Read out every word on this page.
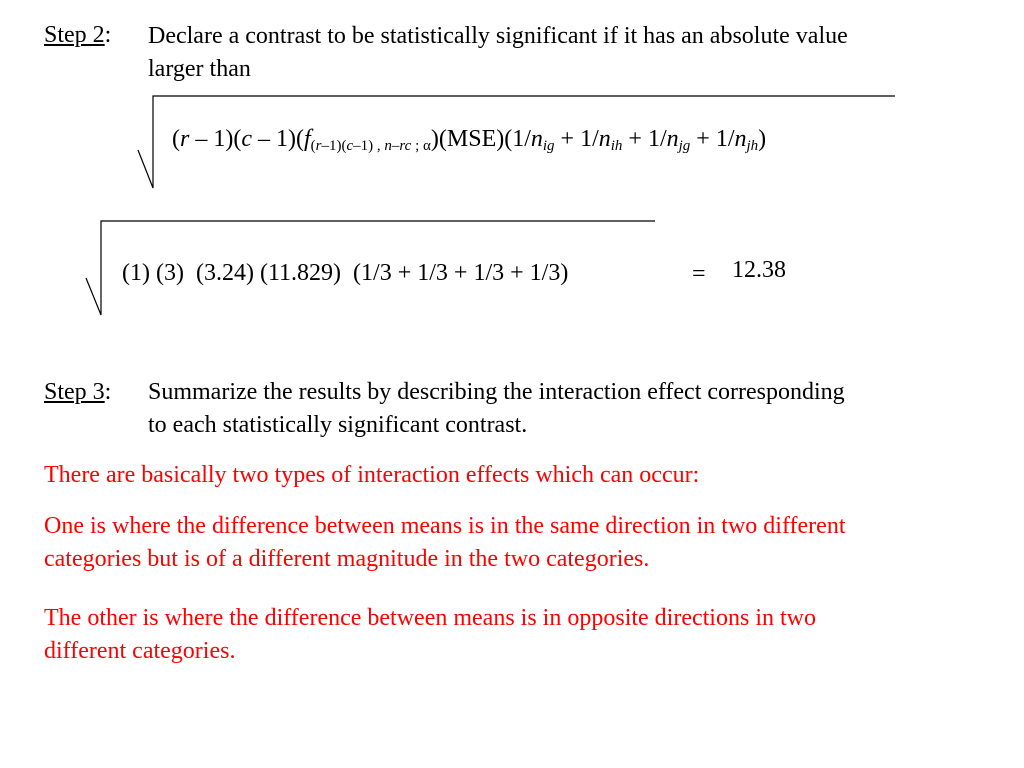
Step 2: Declare a contrast to be statistically significant if it has an absolute value
larger than
$(r - 1)(c - 1)(f_{(r-1)(c-1) , n-rc ; \alpha})(MSE)(1/n_{ig} + 1/n_{ih} + 1/n_{jg} + 1/n_{jh})$
(1) (3)  (3.24) (11.829)  (1/3 + 1/3 + 1/3 + 1/3)	= 12.38
Step 3: Summarize the results by describing the interaction effect corresponding
to each statistically significant contrast.
There are basically two types of interaction effects which can occur:
One is where the difference between means is in the same direction in two different
categories but is of a different magnitude in the two categories.
The other is where the difference between means is in opposite directions in two
different categories.
